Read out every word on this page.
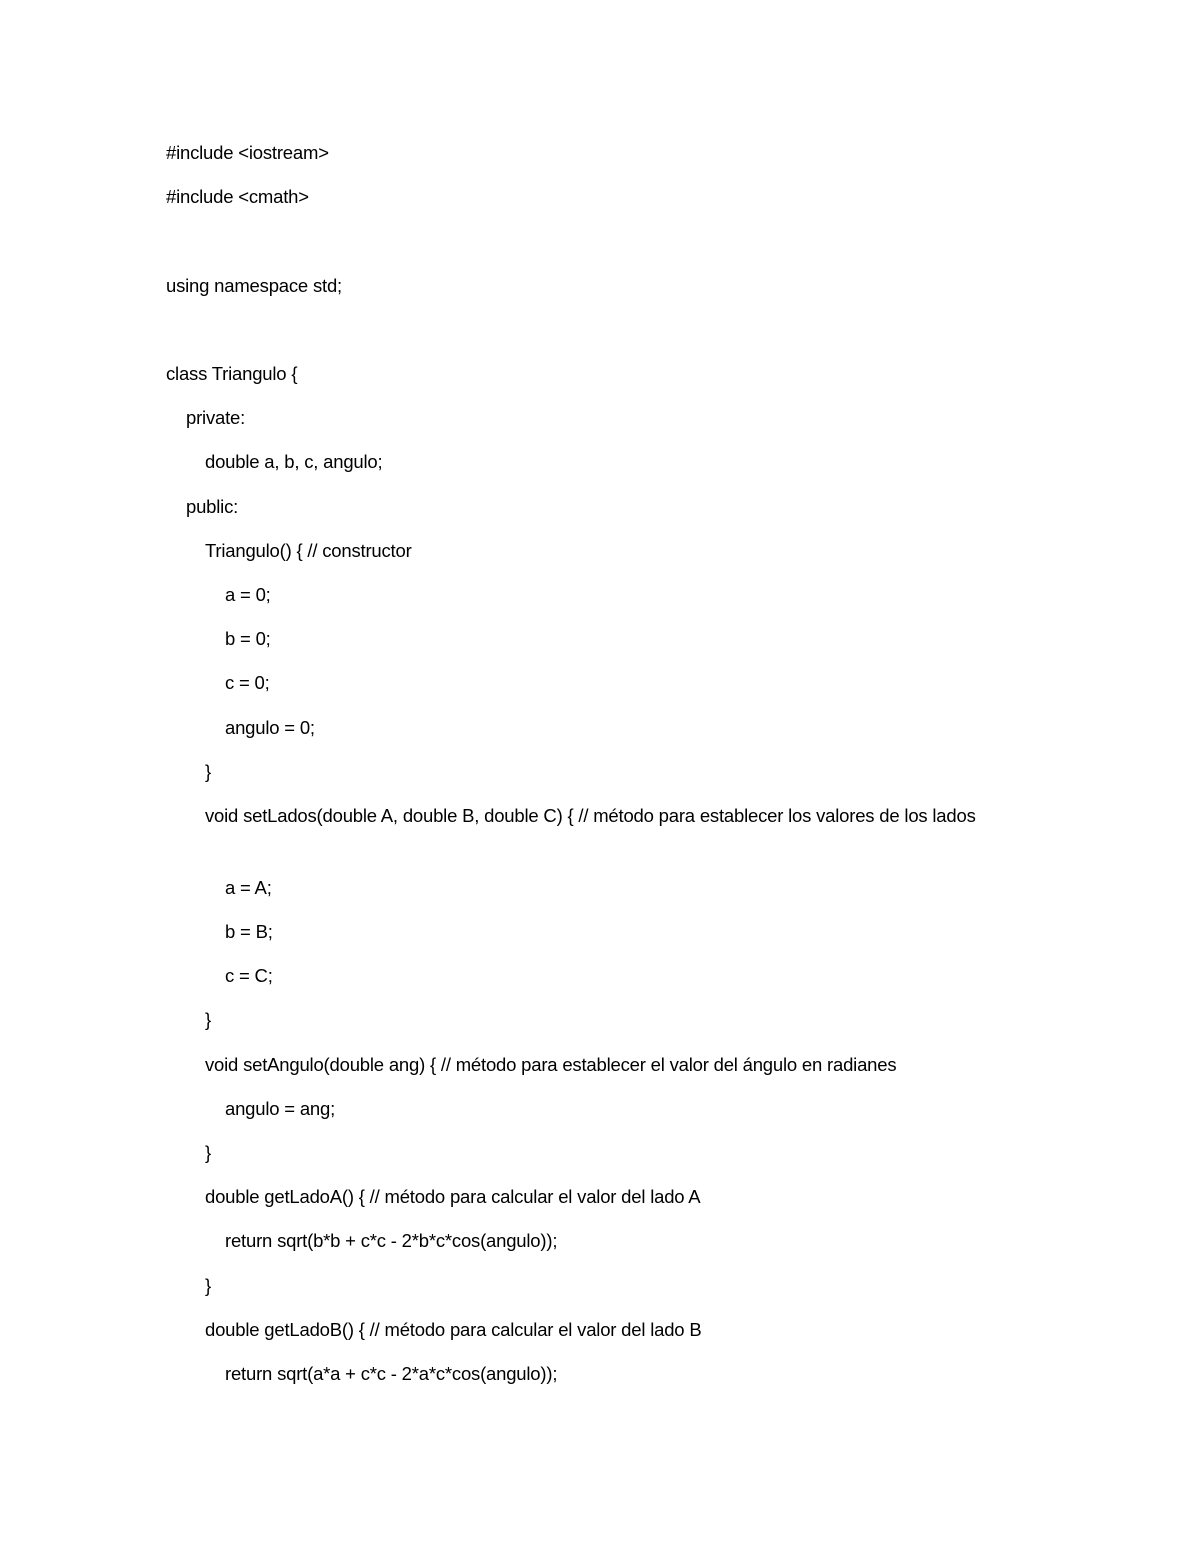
#include <iostream>
#include <cmath>
using namespace std;
class Triangulo {
private:
double a, b, c, angulo;
public:
Triangulo() { // constructor
a = 0;
b = 0;
c = 0;
angulo = 0;
}
void setLados(double A, double B, double C) { // método para establecer los valores de los lados
a = A;
b = B;
c = C;
}
void setAngulo(double ang) { // método para establecer el valor del ángulo en radianes
angulo = ang;
}
double getLadoA() { // método para calcular el valor del lado A
return sqrt(b*b + c*c - 2*b*c*cos(angulo));
}
double getLadoB() { // método para calcular el valor del lado B
return sqrt(a*a + c*c - 2*a*c*cos(angulo));
